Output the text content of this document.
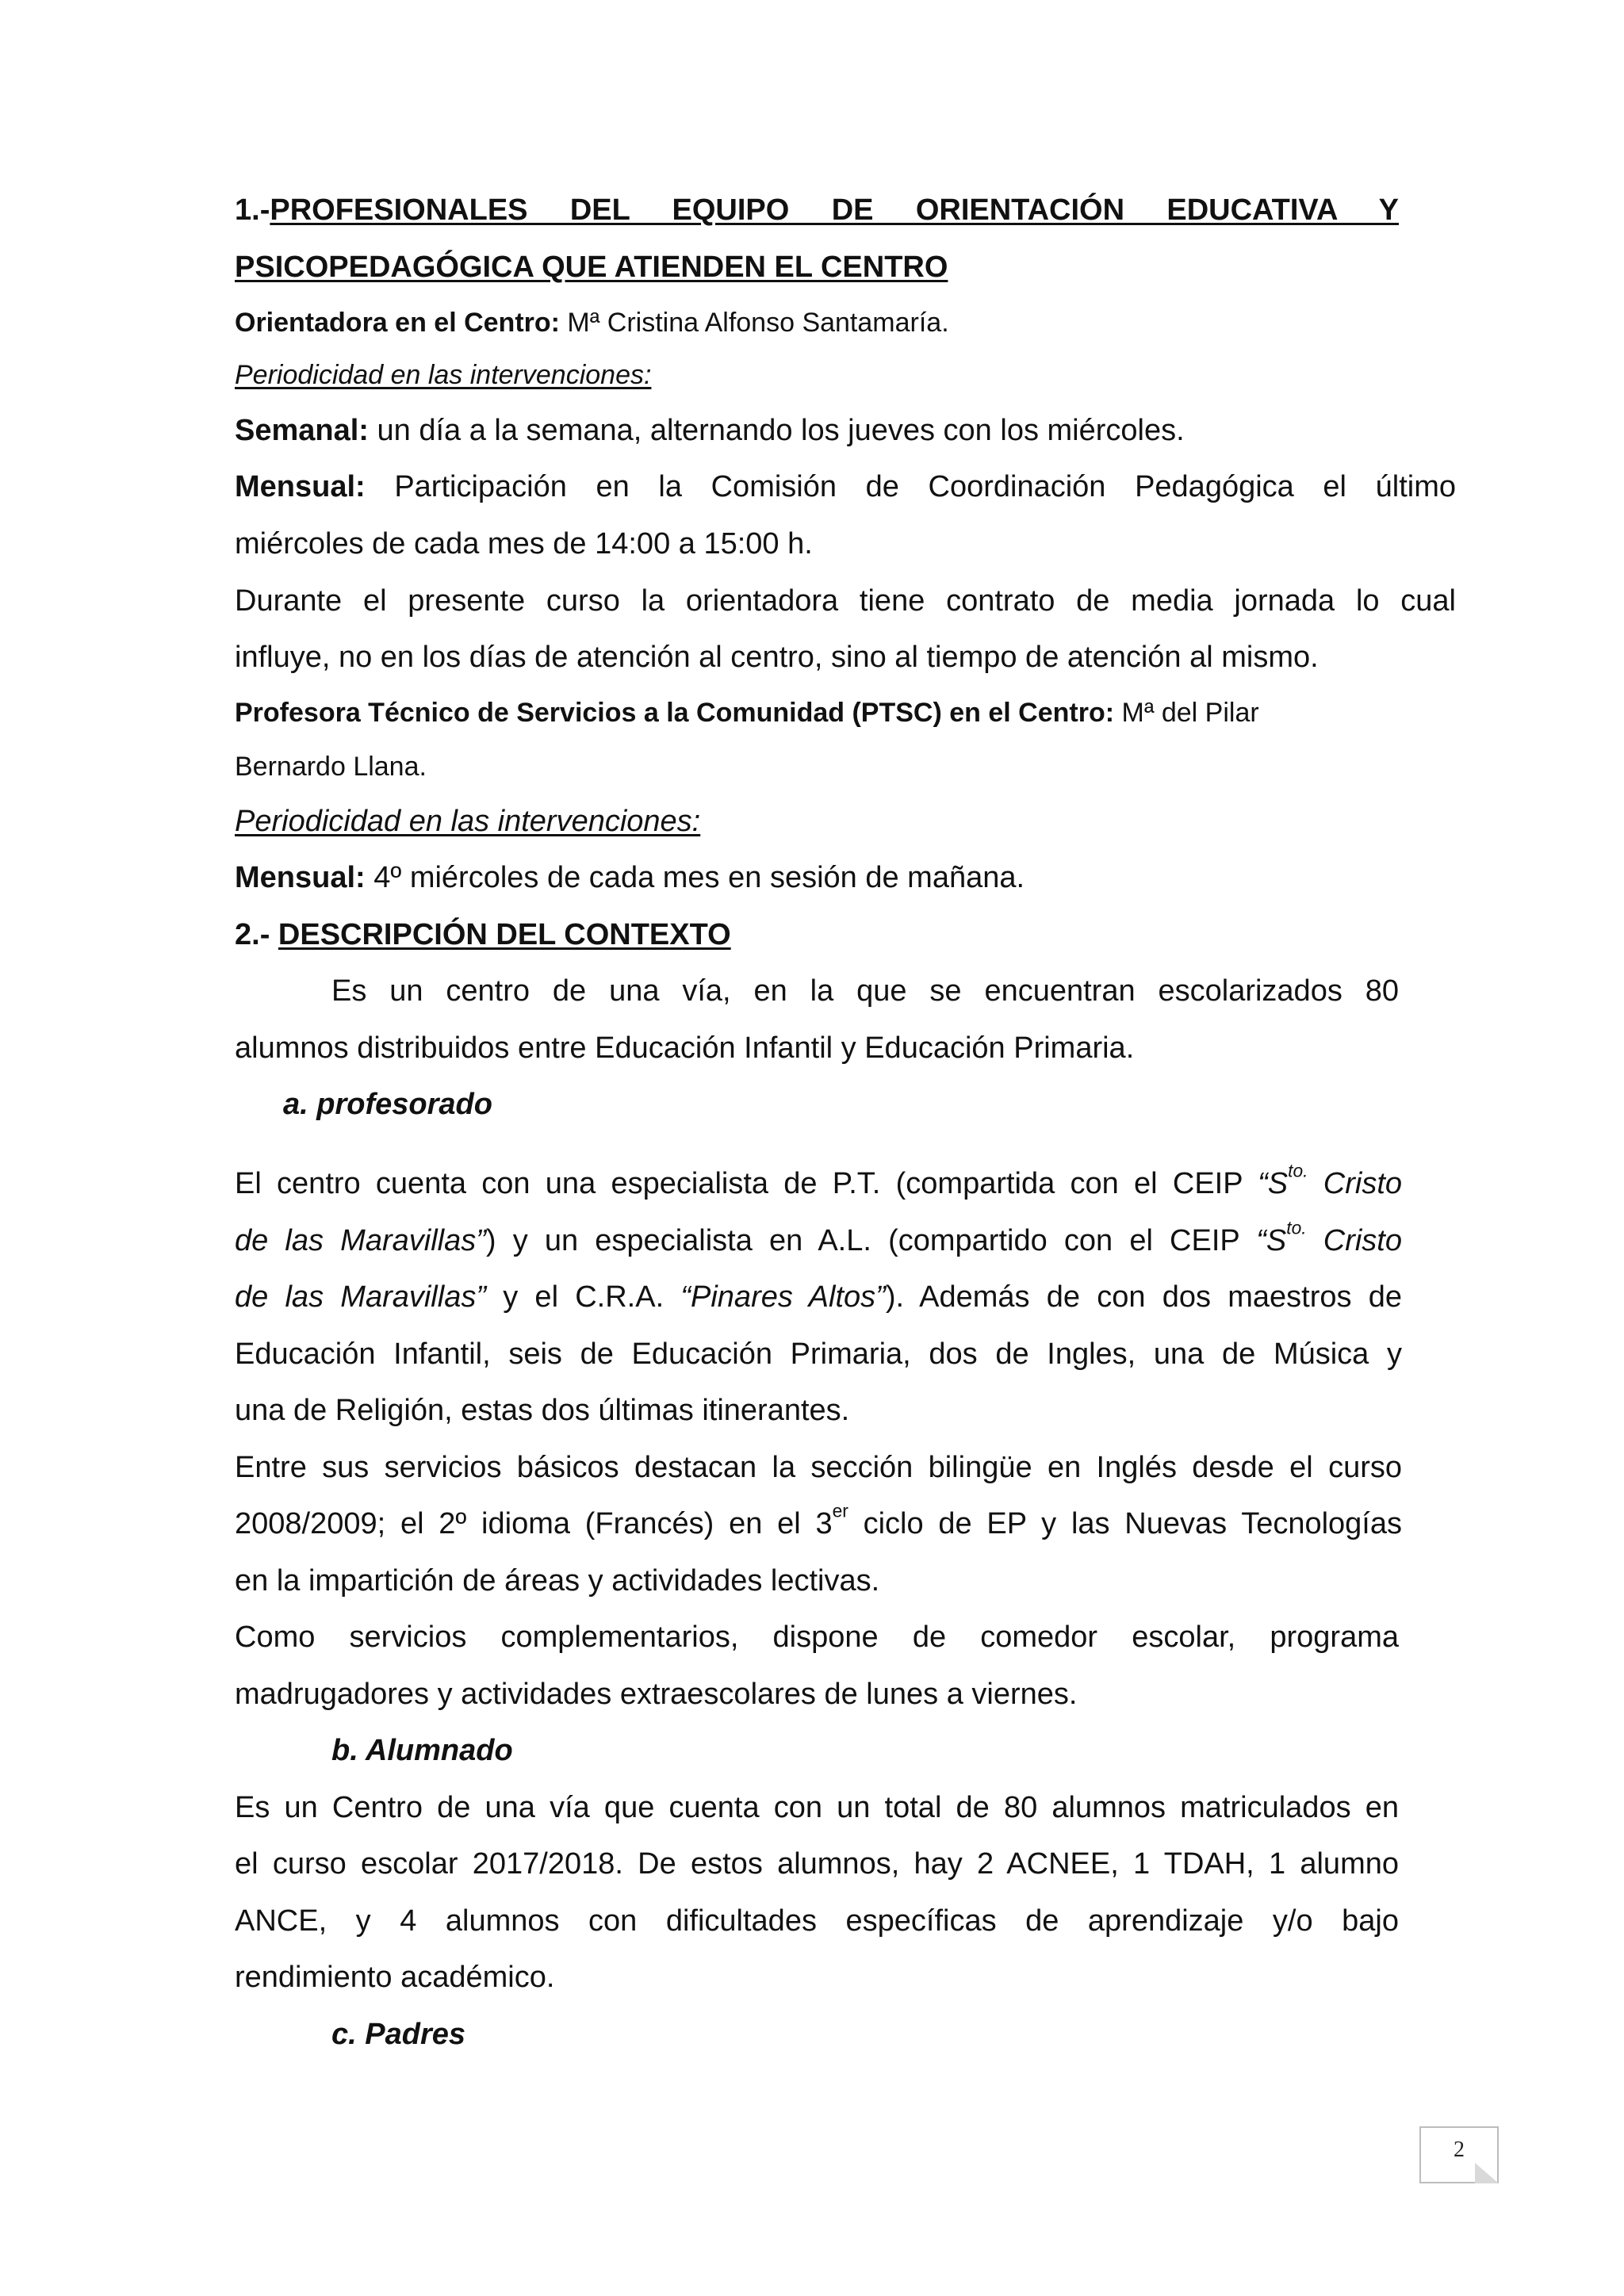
1.-PROFESIONALES DEL EQUIPO DE ORIENTACIÓN EDUCATIVA Y
PSICOPEDAGÓGICA QUE ATIENDEN EL CENTRO
Orientadora en el Centro: Mª Cristina Alfonso Santamaría.
Periodicidad en las intervenciones:
Semanal: un día a la semana, alternando los jueves con los miércoles.
Mensual: Participación en la Comisión de Coordinación Pedagógica el último
miércoles de cada mes de 14:00 a 15:00 h.
Durante el presente curso la orientadora tiene contrato de media jornada lo cual
influye, no en los días de atención al centro, sino al tiempo de atención al mismo.
Profesora Técnico de Servicios a la Comunidad (PTSC) en el Centro: Mª del Pilar
Bernardo Llana.
Periodicidad en las intervenciones:
Mensual: 4º miércoles de cada mes en sesión de mañana.
2.- DESCRIPCIÓN DEL CONTEXTO
Es un centro de una vía, en la que se encuentran escolarizados 80
alumnos distribuidos entre Educación Infantil y Educación Primaria.
a. profesorado
El centro cuenta con una especialista de P.T. (compartida con el CEIP “$S^{to.}$ Cristo
de las Maravillas”) y un especialista en A.L. (compartido con el CEIP “$S^{to.}$ Cristo
de las Maravillas” y el C.R.A. “Pinares Altos”). Además de con dos maestros de
Educación Infantil, seis de Educación Primaria, dos de Ingles, una de Música y
una de Religión, estas dos últimas itinerantes.
Entre sus servicios básicos destacan la sección bilingüe en Inglés desde el curso
2008/2009; el 2º idioma (Francés) en el 3er ciclo de EP y las Nuevas Tecnologías
en la impartición de áreas y actividades lectivas.
Como servicios complementarios, dispone de comedor escolar, programa
madrugadores y actividades extraescolares de lunes a viernes.
b. Alumnado
Es un Centro de una vía que cuenta con un total de 80 alumnos matriculados en
el curso escolar 2017/2018. De estos alumnos, hay 2 ACNEE, 1 TDAH, 1 alumno
ANCE, y 4 alumnos con dificultades específicas de aprendizaje y/o bajo
rendimiento académico.
c. Padres
2
